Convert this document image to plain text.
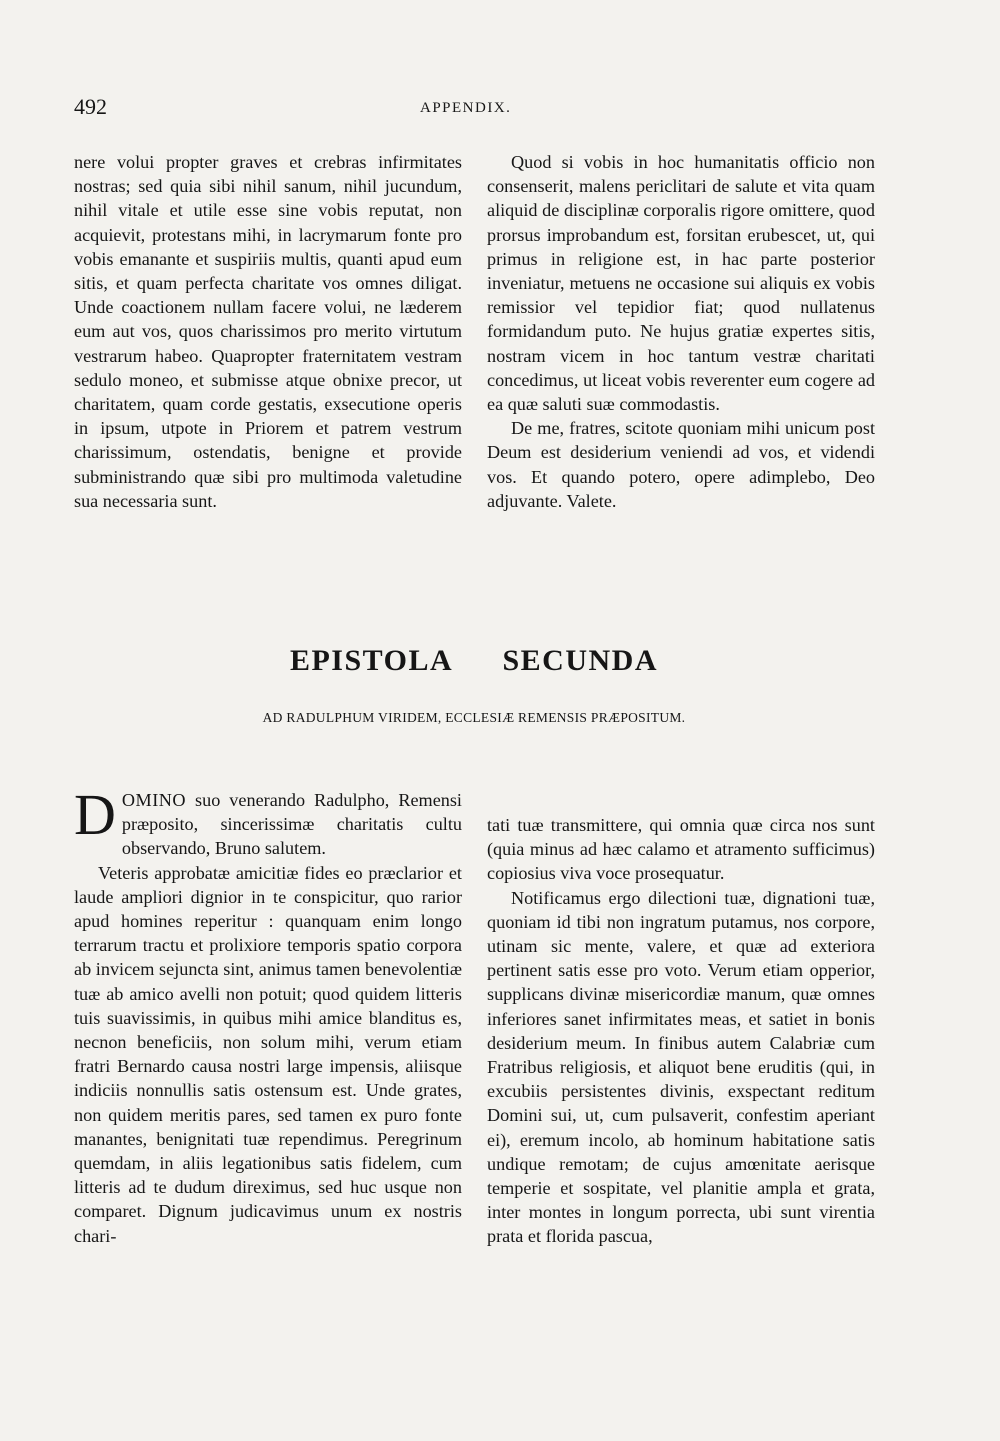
492	APPENDIX.

nere volui propter graves et crebras infirmitates nostras; sed quia sibi nihil sanum, nihil jucundum, nihil vitale et utile esse sine vobis reputat, non acquievit, protestans mihi, in lacrymarum fonte pro vobis emanante et suspiriis multis, quanti apud eum sitis, et quam perfecta charitate vos omnes diligat. Unde coactionem nullam facere volui, ne læderem eum aut vos, quos charissimos pro merito virtutum vestrarum habeo. Quapropter fraternitatem vestram sedulo moneo, et submisse atque obnixe precor, ut charitatem, quam corde gestatis, exsecutione operis in ipsum, utpote in Priorem et patrem vestrum charissimum, ostendatis, benigne et provide subministrando quæ sibi pro multimoda valetudine sua necessaria sunt.

Quod si vobis in hoc humanitatis officio non consenserit, malens periclitari de salute et vita quam aliquid de disciplinæ corporalis rigore omittere, quod prorsus improbandum est, forsitan erubescet, ut, qui primus in religione est, in hac parte posterior inveniatur, metuens ne occasione sui aliquis ex vobis remissior vel tepidior fiat; quod nullatenus formidandum puto. Ne hujus gratiæ expertes sitis, nostram vicem in hoc tantum vestræ charitati concedimus, ut liceat vobis reverenter eum cogere ad ea quæ saluti suæ commodastis.

De me, fratres, scitote quoniam mihi unicum post Deum est desiderium veniendi ad vos, et videndi vos. Et quando potero, opere adimplebo, Deo adjuvante. Valete.

EPISTOLA SECUNDA
AD RADULPHUM VIRIDEM, ECCLESIÆ REMENSIS PRÆPOSITUM.

DOMINO suo venerando Radulpho, Remensi præposito, sincerissimæ charitatis cultu observando, Bruno salutem.

Veteris approbatæ amicitiæ fides eo præclarior et laude ampliori dignior in te conspicitur, quo rarior apud homines reperitur : quanquam enim longo terrarum tractu et prolixiore temporis spatio corpora ab invicem sejuncta sint, animus tamen benevolentiæ tuæ ab amico avelli non potuit; quod quidem litteris tuis suavissimis, in quibus mihi amice blanditus es, necnon beneficiis, non solum mihi, verum etiam fratri Bernardo causa nostri large impensis, aliisque indiciis nonnullis satis ostensum est. Unde grates, non quidem meritis pares, sed tamen ex puro fonte manantes, benignitati tuæ rependimus. Peregrinum quemdam, in aliis legationibus satis fidelem, cum litteris ad te dudum direximus, sed huc usque non comparet. Dignum judicavimus unum ex nostris chari-

tati tuæ transmittere, qui omnia quæ circa nos sunt (quia minus ad hæc calamo et atramento sufficimus) copiosius viva voce prosequatur.

Notificamus ergo dilectioni tuæ, dignationi tuæ, quoniam id tibi non ingratum putamus, nos corpore, utinam sic mente, valere, et quæ ad exteriora pertinent satis esse pro voto. Verum etiam opperior, supplicans divinæ misericordiæ manum, quæ omnes inferiores sanet infirmitates meas, et satiet in bonis desiderium meum. In finibus autem Calabriæ cum Fratribus religiosis, et aliquot bene eruditis (qui, in excubiis persistentes divinis, exspectant reditum Domini sui, ut, cum pulsaverit, confestim aperiant ei), eremum incolo, ab hominum habitatione satis undique remotam; de cujus amœnitate aerisque temperie et sospitate, vel planitie ampla et grata, inter montes in longum porrecta, ubi sunt virentia prata et florida pascua,
